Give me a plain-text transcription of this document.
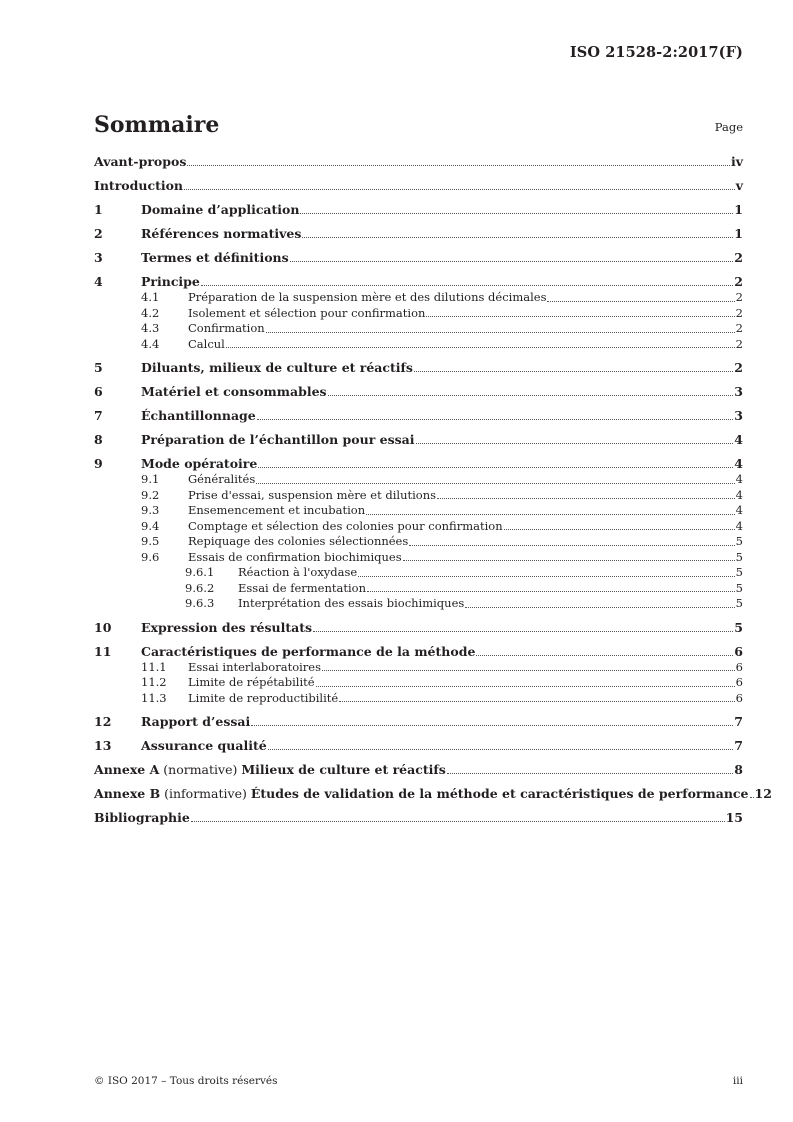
ISO 21528-2:2017(F)
Sommaire	Page
Avant-propos	iv
Introduction	v
1	Domaine d’application	1
2	Références normatives	1
3	Termes et définitions	2
4	Principe	2
4.1	Préparation de la suspension mère et des dilutions décimales	2
4.2	Isolement et sélection pour confirmation	2
4.3	Confirmation	2
4.4	Calcul	2
5	Diluants, milieux de culture et réactifs	2
6	Matériel et consommables	3
7	Échantillonnage	3
8	Préparation de l’échantillon pour essai	4
9	Mode opératoire	4
9.1	Généralités	4
9.2	Prise d'essai, suspension mère et dilutions	4
9.3	Ensemencement et incubation	4
9.4	Comptage et sélection des colonies pour confirmation	4
9.5	Repiquage des colonies sélectionnées	5
9.6	Essais de confirmation biochimiques	5
9.6.1	Réaction à l'oxydase	5
9.6.2	Essai de fermentation	5
9.6.3	Interprétation des essais biochimiques	5
10	Expression des résultats	5
11	Caractéristiques de performance de la méthode	6
11.1	Essai interlaboratoires	6
11.2	Limite de répétabilité	6
11.3	Limite de reproductibilité	6
12	Rapport d’essai	7
13	Assurance qualité	7
Annexe A (normative) Milieux de culture et réactifs	8
Annexe B (informative) Études de validation de la méthode et caractéristiques de performance 12
Bibliographie	15
© ISO 2017 – Tous droits réservés	iii
